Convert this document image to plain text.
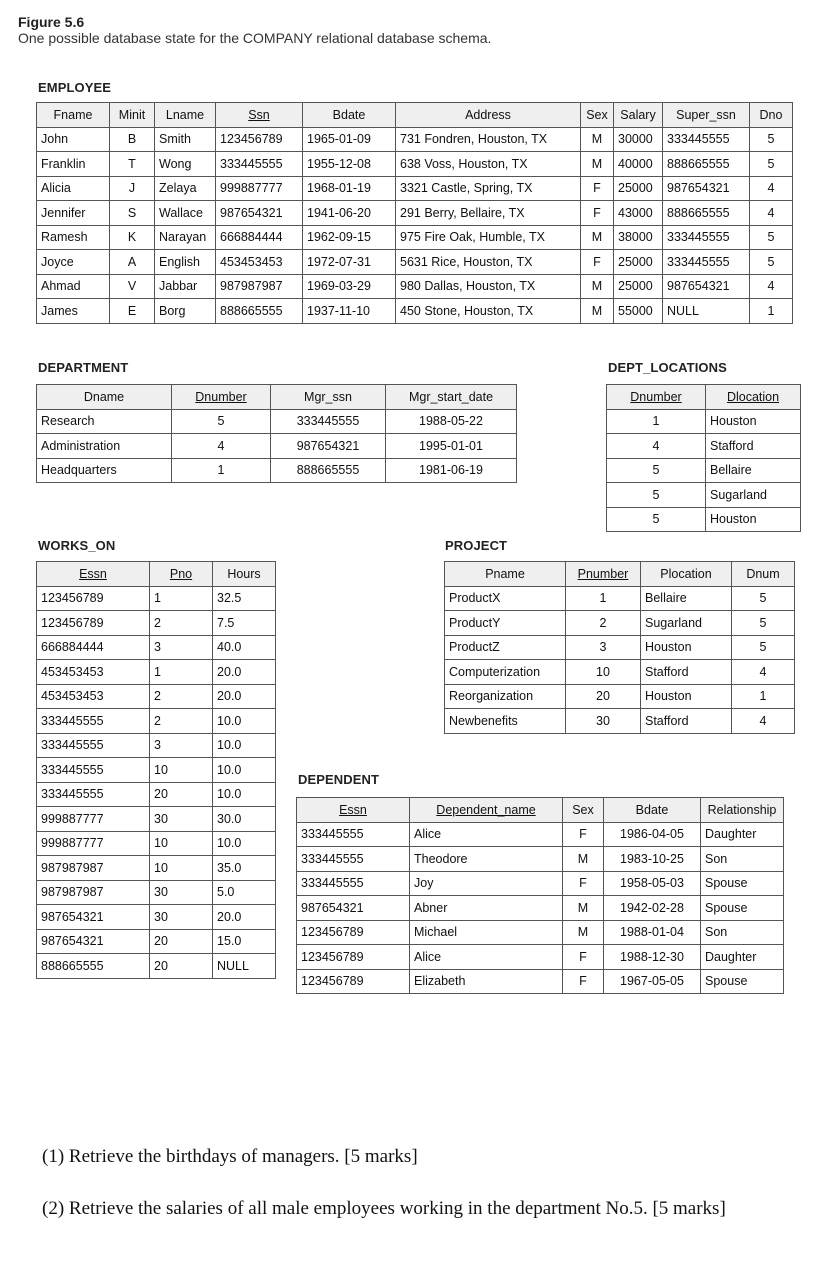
Figure 5.6
One possible database state for the COMPANY relational database schema.
EMPLOYEE
Fname	Minit	Lname	Ssn	Bdate	Address	Sex	Salary	Super_ssn	Dno
John	B	Smith	123456789	1965-01-09	731 Fondren, Houston, TX	M	30000	333445555	5
Franklin	T	Wong	333445555	1955-12-08	638 Voss, Houston, TX	M	40000	888665555	5
Alicia	J	Zelaya	999887777	1968-01-19	3321 Castle, Spring, TX	F	25000	987654321	4
Jennifer	S	Wallace	987654321	1941-06-20	291 Berry, Bellaire, TX	F	43000	888665555	4
Ramesh	K	Narayan	666884444	1962-09-15	975 Fire Oak, Humble, TX	M	38000	333445555	5
Joyce	A	English	453453453	1972-07-31	5631 Rice, Houston, TX	F	25000	333445555	5
Ahmad	V	Jabbar	987987987	1969-03-29	980 Dallas, Houston, TX	M	25000	987654321	4
James	E	Borg	888665555	1937-11-10	450 Stone, Houston, TX	M	55000	NULL	1
DEPARTMENT
Dname	Dnumber	Mgr_ssn	Mgr_start_date
Research	5	333445555	1988-05-22
Administration	4	987654321	1995-01-01
Headquarters	1	888665555	1981-06-19
DEPT_LOCATIONS
Dnumber	Dlocation
1	Houston
4	Stafford
5	Bellaire
5	Sugarland
5	Houston
WORKS_ON
Essn	Pno	Hours
123456789	1	32.5
123456789	2	7.5
666884444	3	40.0
453453453	1	20.0
453453453	2	20.0
333445555	2	10.0
333445555	3	10.0
333445555	10	10.0
333445555	20	10.0
999887777	30	30.0
999887777	10	10.0
987987987	10	35.0
987987987	30	5.0
987654321	30	20.0
987654321	20	15.0
888665555	20	NULL
PROJECT
Pname	Pnumber	Plocation	Dnum
ProductX	1	Bellaire	5
ProductY	2	Sugarland	5
ProductZ	3	Houston	5
Computerization	10	Stafford	4
Reorganization	20	Houston	1
Newbenefits	30	Stafford	4
DEPENDENT
Essn	Dependent_name	Sex	Bdate	Relationship
333445555	Alice	F	1986-04-05	Daughter
333445555	Theodore	M	1983-10-25	Son
333445555	Joy	F	1958-05-03	Spouse
987654321	Abner	M	1942-02-28	Spouse
123456789	Michael	M	1988-01-04	Son
123456789	Alice	F	1988-12-30	Daughter
123456789	Elizabeth	F	1967-05-05	Spouse
(1) Retrieve the birthdays of managers. [5 marks]
(2) Retrieve the salaries of all male employees working in the department No.5. [5 marks]
